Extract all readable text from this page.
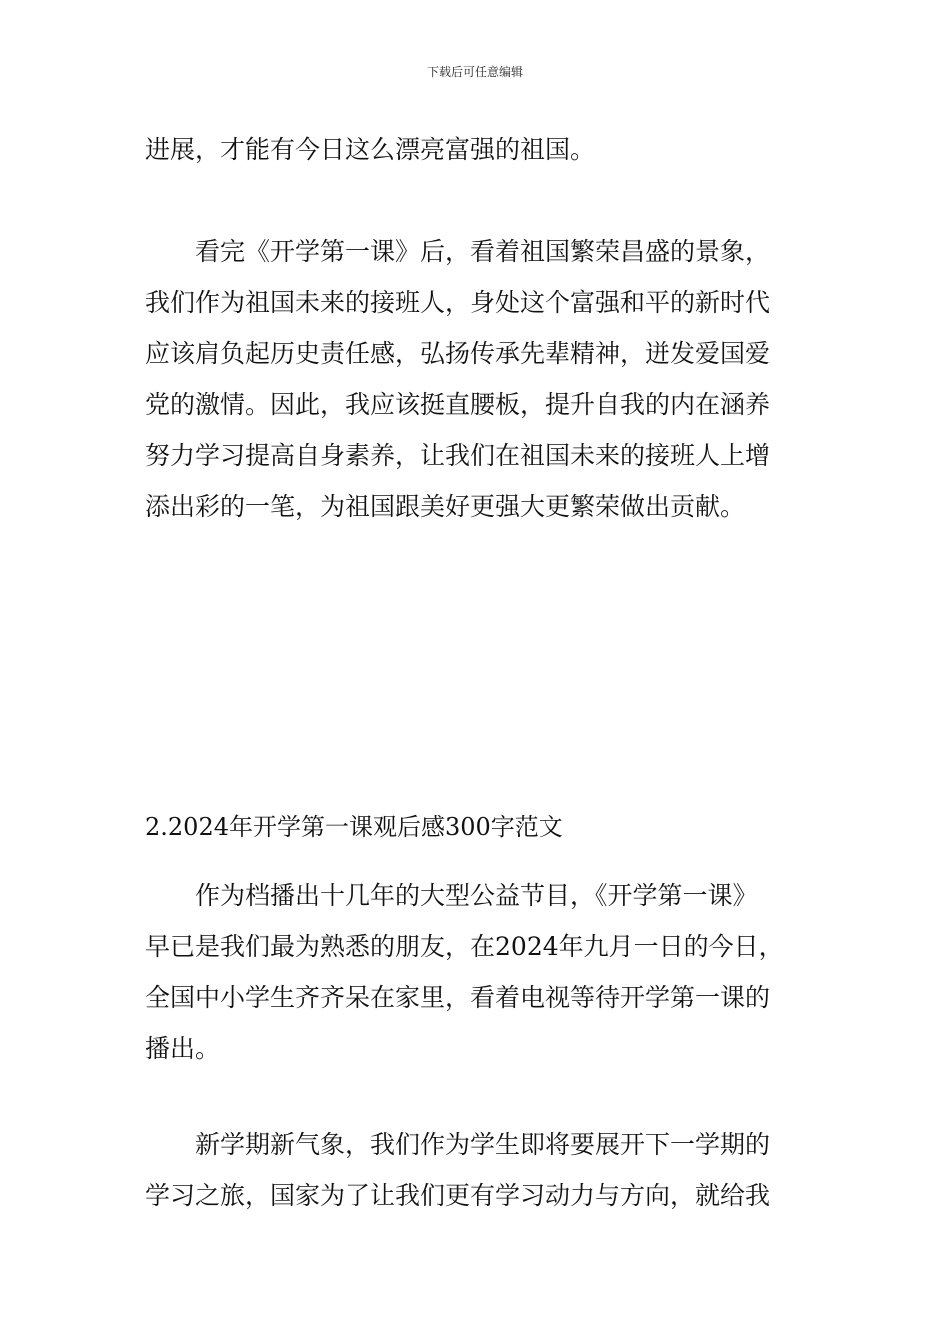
下载后可任意编辑
进展，才能有今日这么漂亮富强的祖国。
　　看完《开学第一课》后，看着祖国繁荣昌盛的景象，
我们作为祖国未来的接班人，身处这个富强和平的新时代
应该肩负起历史责任感，弘扬传承先辈精神，迸发爱国爱
党的激情。因此，我应该挺直腰板，提升自我的内在涵养
努力学习提高自身素养，让我们在祖国未来的接班人上增
添出彩的一笔，为祖国跟美好更强大更繁荣做出贡献。
2.2024年开学第一课观后感300字范文
　　作为档播出十几年的大型公益节目，《开学第一课》
早已是我们最为熟悉的朋友，在2024年九月一日的今日，
全国中小学生齐齐呆在家里，看着电视等待开学第一课的
播出。
　　新学期新气象，我们作为学生即将要展开下一学期的
学习之旅，国家为了让我们更有学习动力与方向，就给我
